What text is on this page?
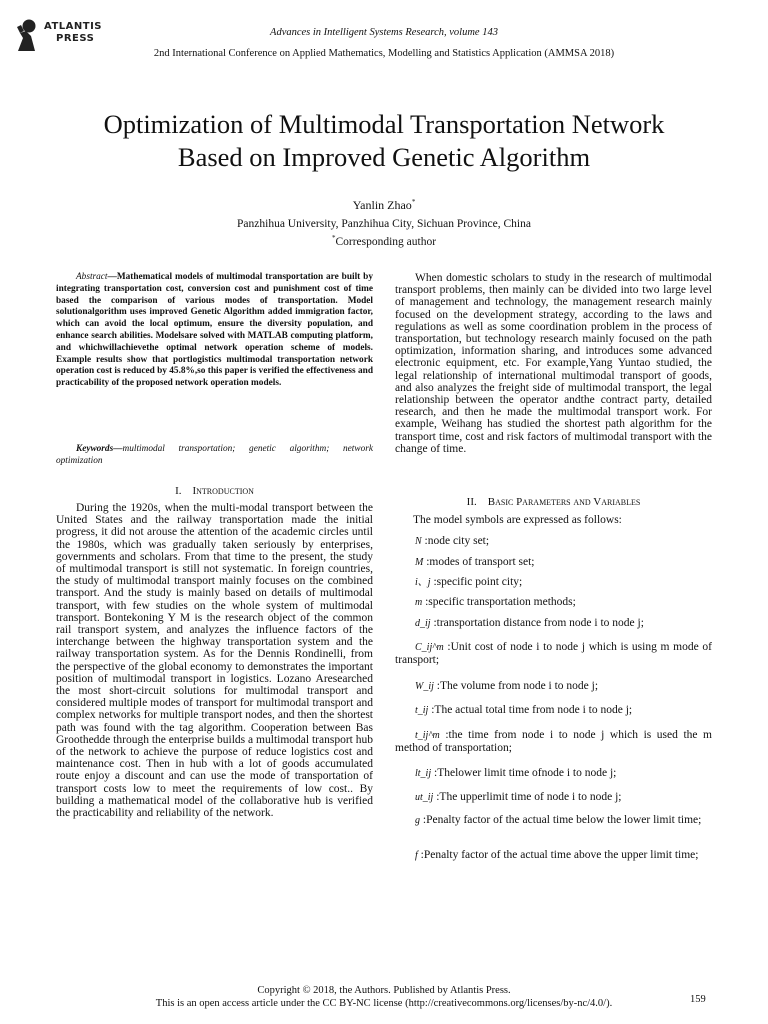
ATLANTIS
PRESS
Advances in Intelligent Systems Research, volume 143
2nd International Conference on Applied Mathematics, Modelling and Statistics Application (AMMSA 2018)
Optimization of Multimodal Transportation Network
Based on Improved Genetic Algorithm
Yanlin Zhao*
Panzhihua University, Panzhihua City, Sichuan Province, China
*Corresponding author
Abstract—Mathematical models of multimodal transportation are built by integrating transportation cost, conversion cost and punishment cost of time based the comparison of various modes of transportation. Model solutionalgorithm uses improved Genetic Algorithm added immigration factor, which can avoid the local optimum, ensure the diversity population, and enhance search abilities. Modelsare solved with MATLAB computing platform, and whichwillachievethe optimal network operation scheme of models. Example results show that portlogistics multimodal transportation network operation cost is reduced by 45.8%,so this paper is verified the effectiveness and practicability of the proposed network operation models.
Keywords—multimodal transportation; genetic algorithm; network optimization
I. Introduction
During the 1920s, when the multi-modal transport between the United States and the railway transportation made the initial progress, it did not arouse the attention of the academic circles until the 1980s, which was gradually taken seriously by enterprises, governments and scholars. From that time to the present, the study of multimodal transport is still not systematic. In foreign countries, the study of multimodal transport mainly focuses on the combined transport. And the study is mainly based on details of multimodal transport, with few studies on the whole system of multimodal transport. Bontekoning Y M is the research object of the common rail transport system, and analyzes the influence factors of the interchange between the highway transportation system and the railway transportation system. As for the Dennis Rondinelli, from the perspective of the global economy to demonstrates the important position of multimodal transport in logistics. Lozano Aresearched the most short-circuit solutions for multimodal transport and considered multiple modes of transport for multimodal transport and complex networks for multiple transport nodes, and then the shortest path was found with the tag algorithm. Cooperation between Bas Groothedde through the enterprise builds a multimodal transport hub of the network to achieve the purpose of reduce logistics cost and maintenance cost. Then in hub with a lot of goods accumulated route enjoy a discount and can use the mode of transportation of transport costs low to meet the requirements of low cost.. By building a mathematical model of the collaborative hub is verified the practicability and reliability of the network.
When domestic scholars to study in the research of multimodal transport problems, then mainly can be divided into two large level of management and technology, the management research mainly focused on the development strategy, according to the laws and regulations as well as some coordination problem in the process of transportation, but technology research mainly focused on the path optimization, information sharing, and introduces some advanced electronic equipment, etc. For example,Yang Yuntao studied, the legal relationship of international multimodal transport of goods, and also analyzes the freight side of multimodal transport, the legal relationship between the operator andthe contract party, detailed research, and then he made the multimodal transport work. For example, Weihang has studied the shortest path algorithm for the transport time, cost and risk factors of multimodal transport with the change of time.
II. Basic Parameters and Variables
The model symbols are expressed as follows:
N :node city set;
M :modes of transport set;
i、j :specific point city;
m :specific transportation methods;
d_ij :transportation distance from node i to node j;
C_ij^m :Unit cost of node i to node j which is using m mode of transport;
W_ij :The volume from node i to node j;
t_ij :The actual total time from node i to node j;
t_ij^m :the time from node i to node j which is used the m method of transportation;
lt_ij :Thelower limit time ofnode i to node j;
ut_ij :The upperlimit time of node i to node j;
g :Penalty factor of the actual time below the lower limit time;
f :Penalty factor of the actual time above the upper limit time;
Copyright © 2018, the Authors. Published by Atlantis Press.
This is an open access article under the CC BY-NC license (http://creativecommons.org/licenses/by-nc/4.0/).	159
